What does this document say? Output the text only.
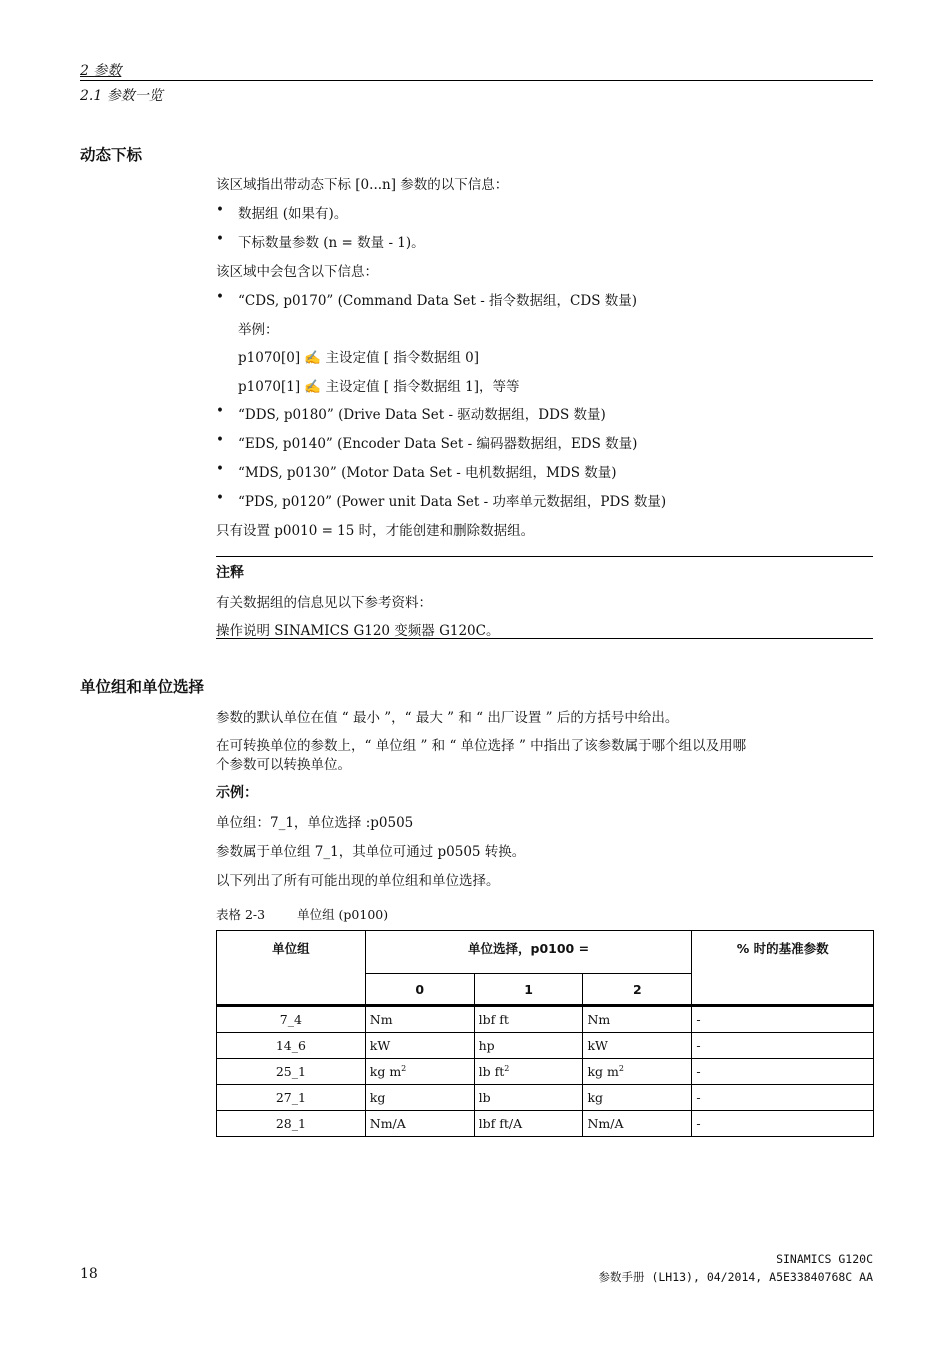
2 参数
2.1 参数一览
动态下标
该区域指出带动态下标 [0...n] 参数的以下信息：
• 数据组 (如果有)。
• 下标数量参数 (n = 数量 - 1)。
该区域中会包含以下信息：
• “CDS, p0170” (Command Data Set - 指令数据组，CDS 数量)
举例：
p1070[0] ✍ 主设定值 [ 指令数据组 0]
p1070[1] ✍ 主设定值 [ 指令数据组 1]，等等
• “DDS, p0180” (Drive Data Set - 驱动数据组，DDS 数量)
• “EDS, p0140” (Encoder Data Set - 编码器数据组，EDS 数量)
• “MDS, p0130” (Motor Data Set - 电机数据组，MDS 数量)
• “PDS, p0120” (Power unit Data Set - 功率单元数据组，PDS 数量)
只有设置 p0010 = 15 时，才能创建和删除数据组。
注释
有关数据组的信息见以下参考资料：
操作说明 SINAMICS G120 变频器 G120C。
单位组和单位选择
参数的默认单位在值 “ 最小 ”，“ 最大 ” 和 “ 出厂设置 ” 后的方括号中给出。
在可转换单位的参数上，“ 单位组 ” 和 “ 单位选择 ” 中指出了该参数属于哪个组以及用哪
个参数可以转换单位。
示例：
单位组：7_1，单位选择 :p0505
参数属于单位组 7_1，其单位可通过 p0505 转换。
以下列出了所有可能出现的单位组和单位选择。
表格 2-3	单位组 (p0100)
单位组	单位选择，p0100 =			% 时的基准参数
	0	1	2	
7_4	Nm	lbf ft	Nm	-
14_6	kW	hp	kW	-
25_1	kg $m^2$	lb $ft^2$	kg $m^2$	-
27_1	kg	lb	kg	-
28_1	Nm/A	lbf ft/A	Nm/A	-
18
SINAMICS G120C
参数手册 (LH13), 04/2014, A5E33840768C AA
